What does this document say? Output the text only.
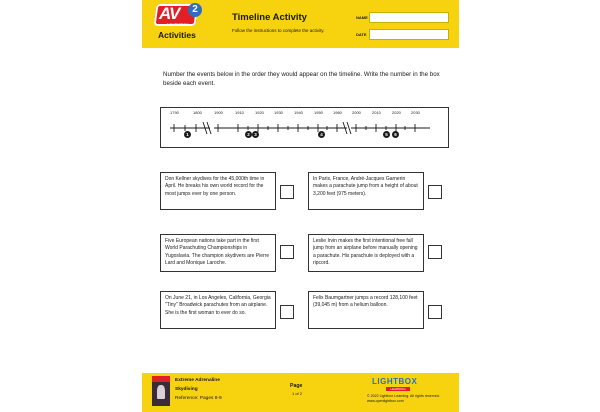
AV	2
NONFICTION
Activities
Timeline Activity
Follow the instructions to complete the activity.
NAME
DATE
Number the events below in the order they would appear on the timeline. Write the number in the box beside each event.
1790	1800	1900	1910	1920	1930	1940	1950	1960	2000	2010	2020	2030
1	2 3	4	5	6
Don Kellner skydives for the 45,000th time in April. He breaks his own world record for the most jumps ever by one person.
Five European nations take part in the first World Parachuting Championships in Yugoslavia. The champion skydivers are Pierre Lard and Monique Laroche.
On June 21, in Los Angeles, California, Georgia "Tiny" Broadwick parachutes from an airplane. She is the first woman to ever do so.
In Paris, France, André-Jacques Garnerin makes a parachute jump from a height of about 3,200 feet (975 meters).
Leslie Irvin makes the first intentional free fall jump from an airplane before manually opening a parachute. His parachute is deployed with a ripcord.
Felix Baumgartner jumps a record 128,100 feet (39,045 m) from a helium balloon.
Extreme Adrenaline
Skydiving
Reference: Pages 8-9
Page
1 of 2
LIGHTBOX
LEARNING
© 2022 Lightbox Learning. All rights reserved.
www.openlightbox.com
